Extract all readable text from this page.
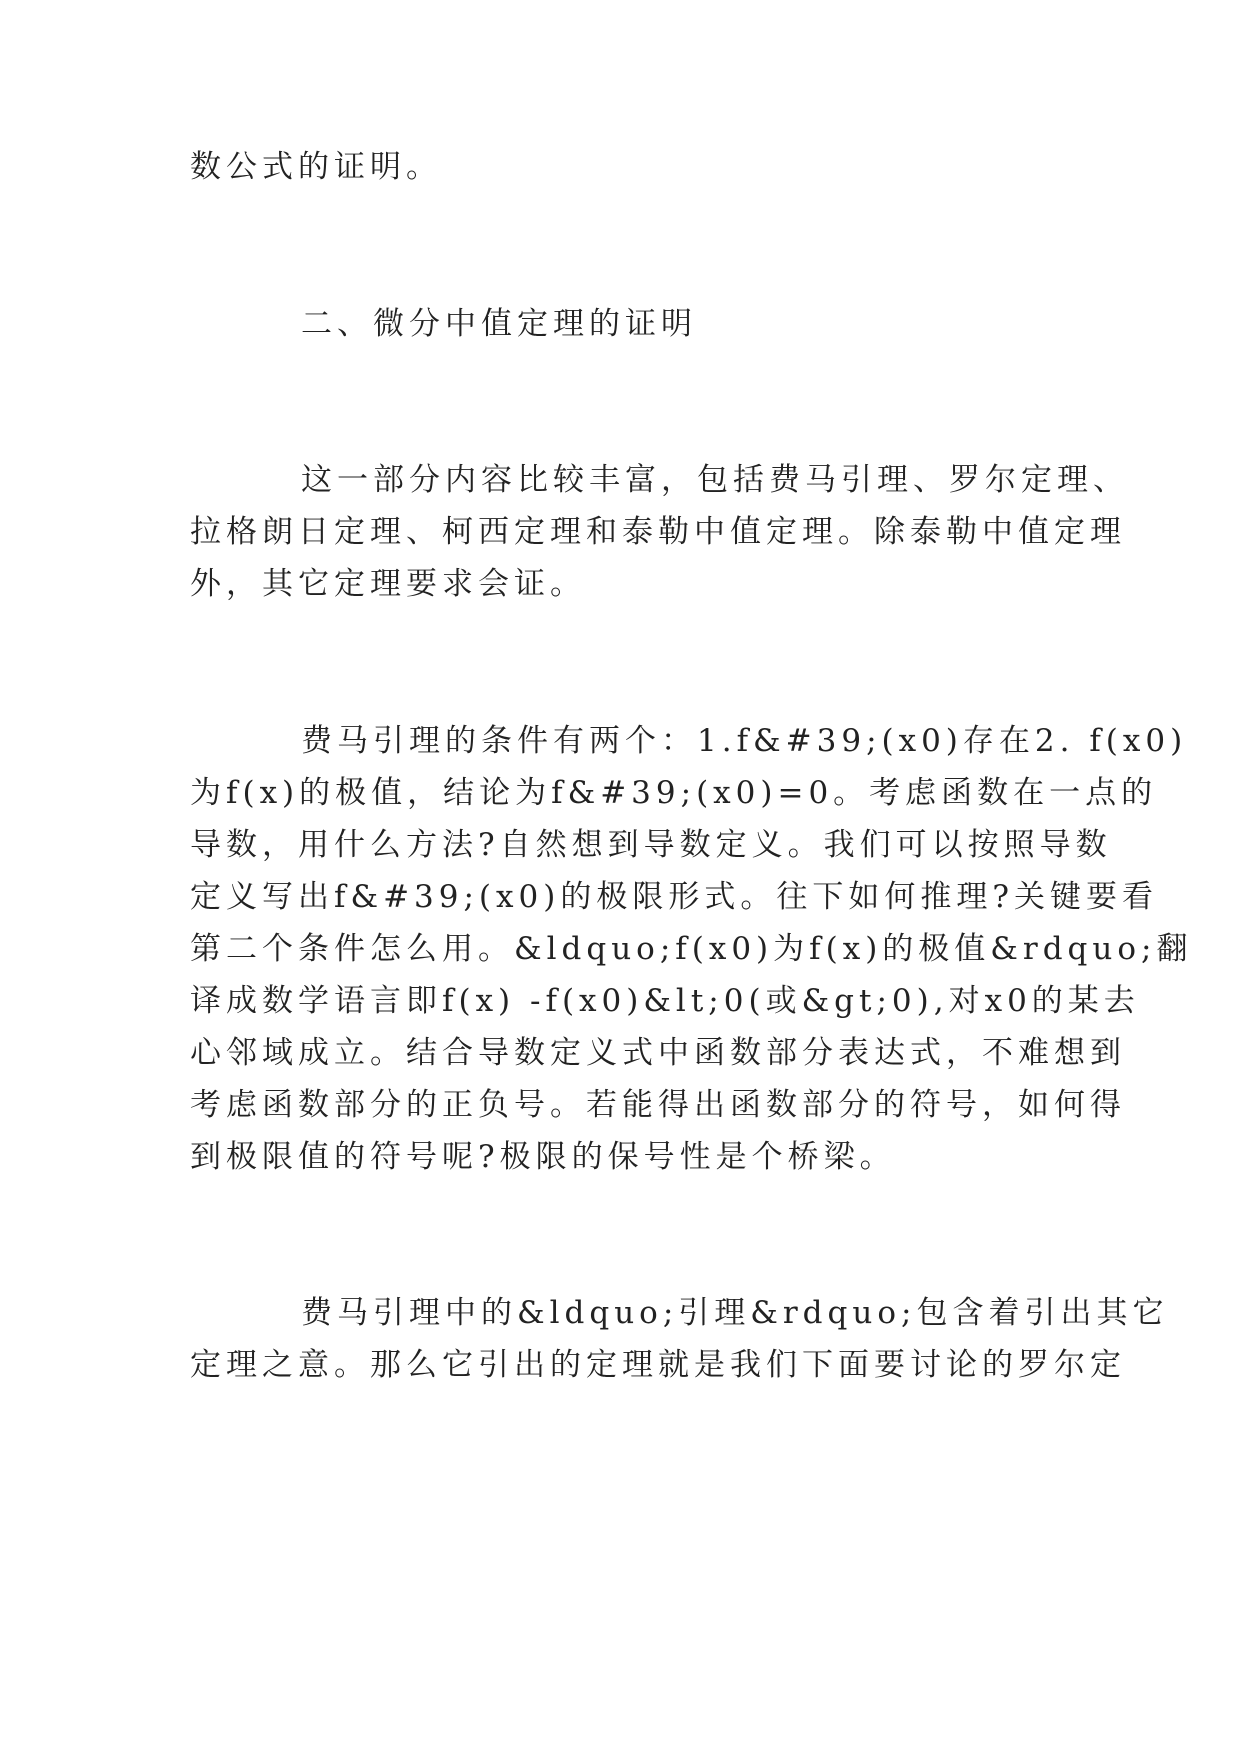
数公式的证明。
二、微分中值定理的证明
这一部分内容比较丰富，包括费马引理、罗尔定理、
拉格朗日定理、柯西定理和泰勒中值定理。除泰勒中值定理
外，其它定理要求会证。
费马引理的条件有两个：1.f&#39;(x0)存在2. f(x0)
为f(x)的极值，结论为f&#39;(x0)=0。考虑函数在一点的
导数，用什么方法?自然想到导数定义。我们可以按照导数
定义写出f&#39;(x0)的极限形式。往下如何推理?关键要看
第二个条件怎么用。&ldquo;f(x0)为f(x)的极值&rdquo;翻
译成数学语言即f(x) -f(x0)&lt;0(或&gt;0),对x0的某去
心邻域成立。结合导数定义式中函数部分表达式，不难想到
考虑函数部分的正负号。若能得出函数部分的符号，如何得
到极限值的符号呢?极限的保号性是个桥梁。
费马引理中的&ldquo;引理&rdquo;包含着引出其它
定理之意。那么它引出的定理就是我们下面要讨论的罗尔定
